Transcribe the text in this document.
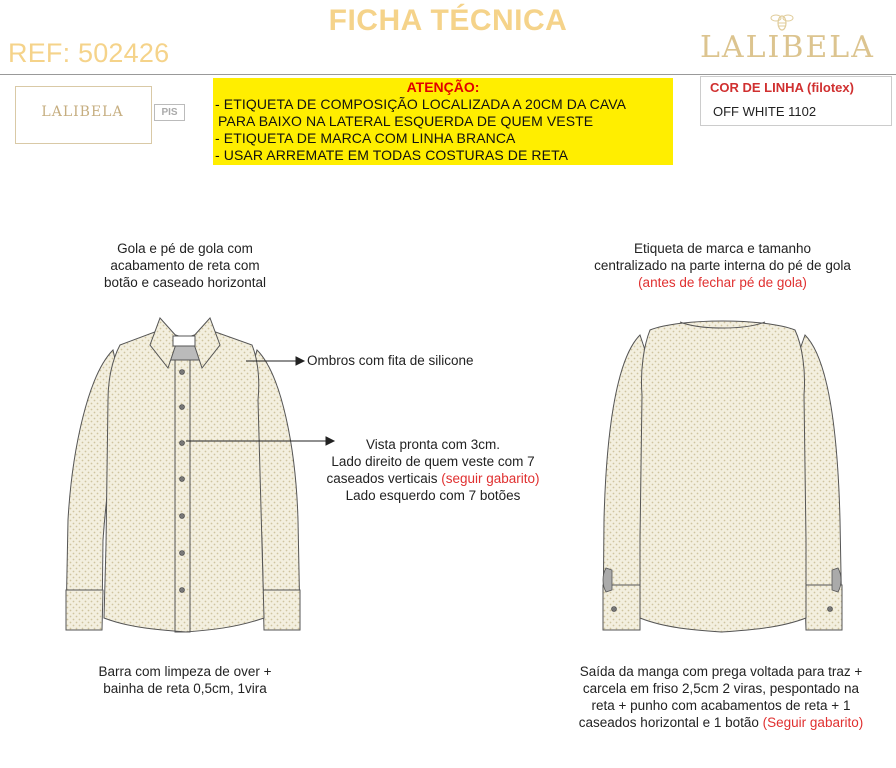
FICHA TÉCNICA
REF: 502426	LALIBELA
LALIBELA	PIS
ATENÇÃO:
- ETIQUETA DE COMPOSIÇÃO LOCALIZADA A 20CM DA CAVA
PARA BAIXO NA LATERAL ESQUERDA DE QUEM VESTE
- ETIQUETA DE MARCA COM LINHA BRANCA
- USAR ARREMATE EM TODAS COSTURAS DE RETA
COR DE LINHA (filotex)
OFF WHITE 1102
Gola e pé de gola com
acabamento de reta com
botão e caseado horizontal
Ombros com fita de silicone
Vista pronta com 3cm.
Lado direito de quem veste com 7
caseados verticais (seguir gabarito)
Lado esquerdo com 7 botões
Etiqueta de marca e tamanho
centralizado na parte interna do pé de gola
(antes de fechar pé de gola)
Barra com limpeza de over +
bainha de reta 0,5cm, 1vira
Saída da manga com prega voltada para traz +
carcela em friso 2,5cm 2 viras, pespontado na
reta + punho com acabamentos de reta + 1
caseados horizontal e 1 botão (Seguir gabarito)
